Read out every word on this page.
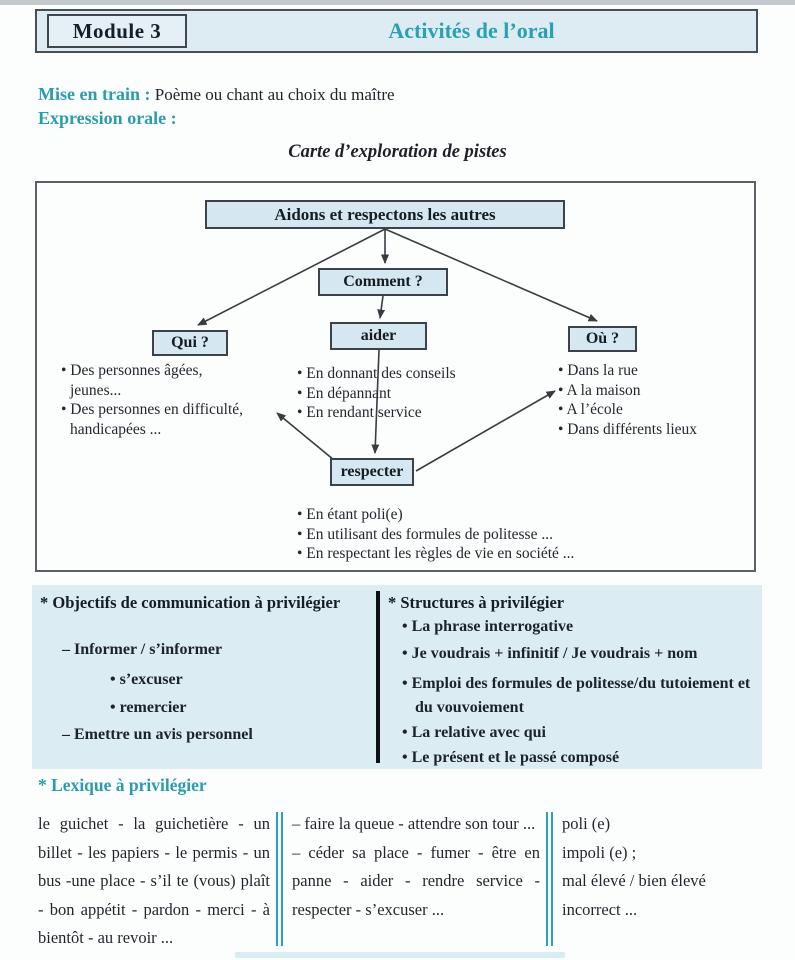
Module 3	Activités de l’oral
Mise en train : Poème ou chant au choix du maître
Expression orale :
Carte d’exploration de pistes
Aidons et respectons les autres
Comment ?
Qui ?	aider	Où ?
respecter
• Des personnes âgées,
jeunes...
• Des personnes en difficulté,
handicapées ...
• En donnant des conseils
• En dépannant
• En rendant service
• Dans la rue
• A la maison
• A l’école
• Dans différents lieux
• En étant poli(e)
• En utilisant des formules de politesse ...
• En respectant les règles de vie en société ...
* Objectifs de communication à privilégier
– Informer / s’informer
• s’excuser
• remercier
– Emettre un avis personnel
* Structures à privilégier
• La phrase interrogative
• Je voudrais + infinitif / Je voudrais + nom
• Emploi des formules de politesse/du tutoiement et du vouvoiement
• La relative avec qui
• Le présent et le passé composé
* Lexique à privilégier
le guichet - la guichetière - un billet - les papiers - le permis - un bus -une place - s’il te (vous) plaît - bon appétit - pardon - merci - à bientôt - au revoir ...
– faire la queue - attendre son tour ...
– céder sa place - fumer - être en panne - aider - rendre service - respecter - s’excuser ...
poli (e)
impoli (e) ;
mal élevé / bien élevé
incorrect ...
